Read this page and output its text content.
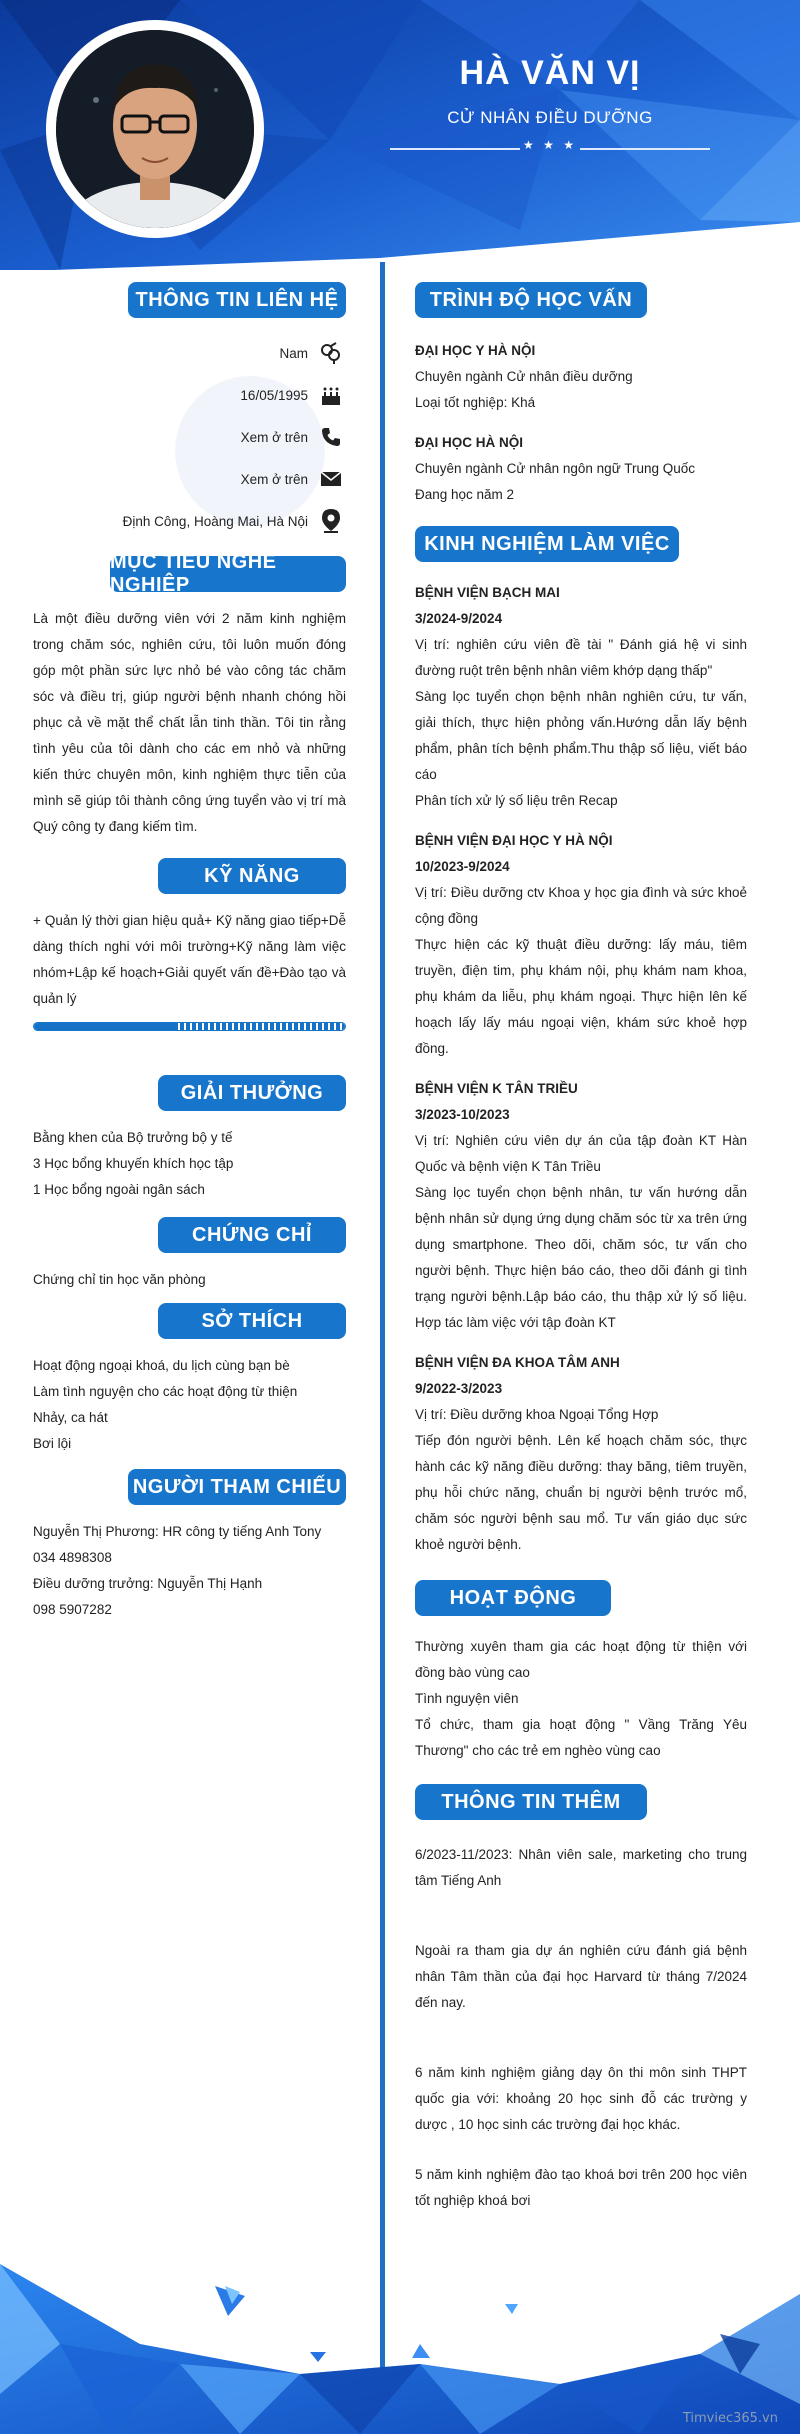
HÀ VĂN VỊ
CỬ NHÂN ĐIỀU DƯỠNG
★ ★ ★
THÔNG TIN LIÊN HỆ
Nam
16/05/1995
Xem ở trên
Xem ở trên
Định Công, Hoàng Mai, Hà Nội
MỤC TIÊU NGHỀ NGHIỆP
Là một điều dưỡng viên với 2 năm kinh nghiệm trong chăm sóc, nghiên cứu, tôi luôn muốn đóng góp một phần sức lực nhỏ bé vào công tác chăm sóc và điều trị, giúp người bệnh nhanh chóng hồi phục cả về mặt thể chất lẫn tinh thần. Tôi tin rằng tình yêu của tôi dành cho các em nhỏ và những kiến thức chuyên môn, kinh nghiệm thực tiễn của mình sẽ giúp tôi thành công ứng tuyển vào vị trí mà Quý công ty đang kiếm tìm.
KỸ NĂNG
+ Quản lý thời gian hiệu quả+ Kỹ năng giao tiếp+Dễ dàng thích nghi với môi trường+Kỹ năng làm việc nhóm+Lập kế hoạch+Giải quyết vấn đề+Đào tạo và quản lý
GIẢI THƯỞNG
Bằng khen của Bộ trưởng bộ y tế
3 Học bổng khuyến khích học tập
1 Học bổng ngoài ngân sách
CHỨNG CHỈ
Chứng chỉ tin học văn phòng
SỞ THÍCH
Hoạt động ngoại khoá, du lịch cùng bạn bè
Làm tình nguyện cho các hoạt động từ thiện
Nhảy, ca hát
Bơi lội
NGƯỜI THAM CHIẾU
Nguyễn Thị Phương: HR công ty tiếng Anh Tony
034 4898308
Điều dưỡng trưởng: Nguyễn Thị Hạnh
098 5907282
TRÌNH ĐỘ HỌC VẤN
ĐẠI HỌC Y HÀ NỘI
Chuyên ngành Cử nhân điều dưỡng
Loại tốt nghiệp: Khá
ĐẠI HỌC HÀ NỘI
Chuyên ngành Cử nhân ngôn ngữ Trung Quốc
Đang học năm 2
KINH NGHIỆM LÀM VIỆC
BỆNH VIỆN BẠCH MAI
3/2024-9/2024
Vị trí: nghiên cứu viên đề tài " Đánh giá hệ vi sinh đường ruột trên bệnh nhân viêm khớp dạng thấp"
Sàng lọc tuyển chọn bệnh nhân nghiên cứu, tư vấn, giải thích, thực hiện phỏng vấn.Hướng dẫn lấy bệnh phẩm, phân tích bệnh phẩm.Thu thập số liệu, viết báo cáo
Phân tích xử lý số liệu trên Recap
BỆNH VIỆN ĐẠI HỌC Y HÀ NỘI
10/2023-9/2024
Vị trí: Điều dưỡng ctv Khoa y học gia đình và sức khoẻ cộng đồng
Thực hiện các kỹ thuật điều dưỡng: lấy máu, tiêm truyền, điện tim, phụ khám nội, phụ khám nam khoa, phụ khám da liễu, phụ khám ngoại. Thực hiện lên kế hoạch lấy lấy máu ngoại viện, khám sức khoẻ hợp đồng.
BỆNH VIỆN K TÂN TRIỀU
3/2023-10/2023
Vị trí: Nghiên cứu viên dự án của tập đoàn KT Hàn Quốc và bệnh viện K Tân Triều
Sàng lọc tuyển chọn bệnh nhân, tư vấn hướng dẫn bệnh nhân sử dụng ứng dụng chăm sóc từ xa trên ứng dụng smartphone. Theo dõi, chăm sóc, tư vấn cho người bệnh. Thực hiện báo cáo, theo dõi đánh gi tình trạng người bệnh.Lập báo cáo, thu thập xử lý số liệu. Hợp tác làm việc với tập đoàn KT
BỆNH VIỆN ĐA KHOA TÂM ANH
9/2022-3/2023
Vị trí: Điều dưỡng khoa Ngoại Tổng Hợp
Tiếp đón người bệnh. Lên kế hoạch chăm sóc, thực hành các kỹ năng điều dưỡng: thay băng, tiêm truyền, phụ hỗi chức năng, chuẩn bị người bệnh trước mổ, chăm sóc người bệnh sau mổ. Tư vấn giáo dục sức khoẻ người bệnh.
HOẠT ĐỘNG
Thường xuyên tham gia các hoạt động từ thiện với đồng bào vùng cao
Tình nguyện viên
Tổ chức, tham gia hoạt động " Vầng Trăng Yêu Thương" cho các trẻ em nghèo vùng cao
THÔNG TIN THÊM
6/2023-11/2023: Nhân viên sale, marketing cho trung tâm Tiếng Anh
Ngoài ra tham gia dự án nghiên cứu đánh giá bệnh nhân Tâm thần của đại học Harvard từ tháng 7/2024 đến nay.
6 năm kinh nghiệm giảng dạy ôn thi môn sinh THPT quốc gia với: khoảng 20 học sinh đỗ các trường y dược , 10 học sinh các trường đại học khác.
5 năm kinh nghiệm đào tạo khoá bơi trên 200 học viên tốt nghiệp khoá bơi
Timviec365.vn
